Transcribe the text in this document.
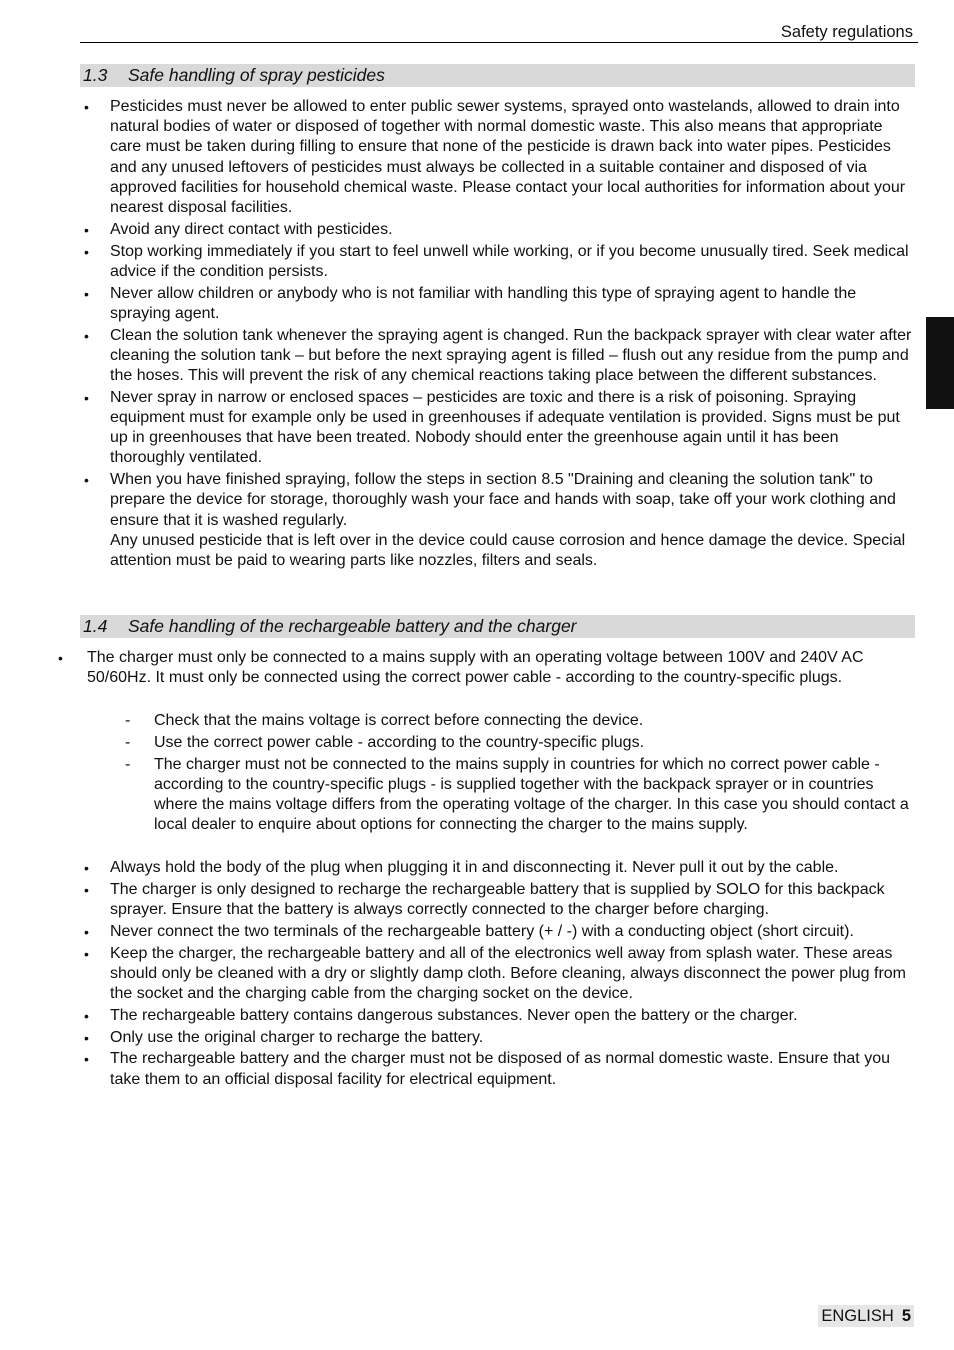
Safety regulations
1.3 Safe handling of spray pesticides
• Pesticides must never be allowed to enter public sewer systems, sprayed onto wastelands, allowed to drain into natural bodies of water or disposed of together with normal domestic waste. This also means that appropriate care must be taken during filling to ensure that none of the pesticide is drawn back into water pipes. Pesticides and any unused leftovers of pesticides must always be collected in a suitable container and disposed of via approved facilities for household chemical waste. Please contact your local authorities for information about your nearest disposal facilities.

• Avoid any direct contact with pesticides.

• Stop working immediately if you start to feel unwell while working, or if you become unusually tired. Seek medical advice if the condition persists.

• Never allow children or anybody who is not familiar with handling this type of spraying agent to handle the spraying agent.

• Clean the solution tank whenever the spraying agent is changed. Run the backpack sprayer with clear water after cleaning the solution tank – but before the next spraying agent is filled – flush out any residue from the pump and the hoses. This will prevent the risk of any chemical reactions taking place between the different substances.

• Never spray in narrow or enclosed spaces – pesticides are toxic and there is a risk of poisoning. Spraying equipment must for example only be used in greenhouses if adequate ventilation is provided. Signs must be put up in greenhouses that have been treated. Nobody should enter the greenhouse again until it has been thoroughly ventilated.

• When you have finished spraying, follow the steps in section 8.5 "Draining and cleaning the solution tank" to prepare the device for storage, thoroughly wash your face and hands with soap, take off your work clothing and ensure that it is washed regularly.

Any unused pesticide that is left over in the device could cause corrosion and hence damage the device. Special attention must be paid to wearing parts like nozzles, filters and seals.

1.4 Safe handling of the rechargeable battery and the charger
• The charger must only be connected to a mains supply with an operating voltage between 100V and 240V AC 50/60Hz. It must only be connected using the correct power cable - according to the country-specific plugs.

- Check that the mains voltage is correct before connecting the device.

- Use the correct power cable - according to the country-specific plugs.

- The charger must not be connected to the mains supply in countries for which no correct power cable - according to the country-specific plugs - is supplied together with the backpack sprayer or in countries where the mains voltage differs from the operating voltage of the charger. In this case you should contact a local dealer to enquire about options for connecting the charger to the mains supply.

• Always hold the body of the plug when plugging it in and disconnecting it. Never pull it out by the cable.

• The charger is only designed to recharge the rechargeable battery that is supplied by SOLO for this backpack sprayer. Ensure that the battery is always correctly connected to the charger before charging.

• Never connect the two terminals of the rechargeable battery (+ / -) with a conducting object (short circuit).

• Keep the charger, the rechargeable battery and all of the electronics well away from splash water. These areas should only be cleaned with a dry or slightly damp cloth. Before cleaning, always disconnect the power plug from the socket and the charging cable from the charging socket on the device.

• The rechargeable battery contains dangerous substances. Never open the battery or the charger.

• Only use the original charger to recharge the battery.

• The rechargeable battery and the charger must not be disposed of as normal domestic waste. Ensure that you take them to an official disposal facility for electrical equipment.

ENGLISH 5
